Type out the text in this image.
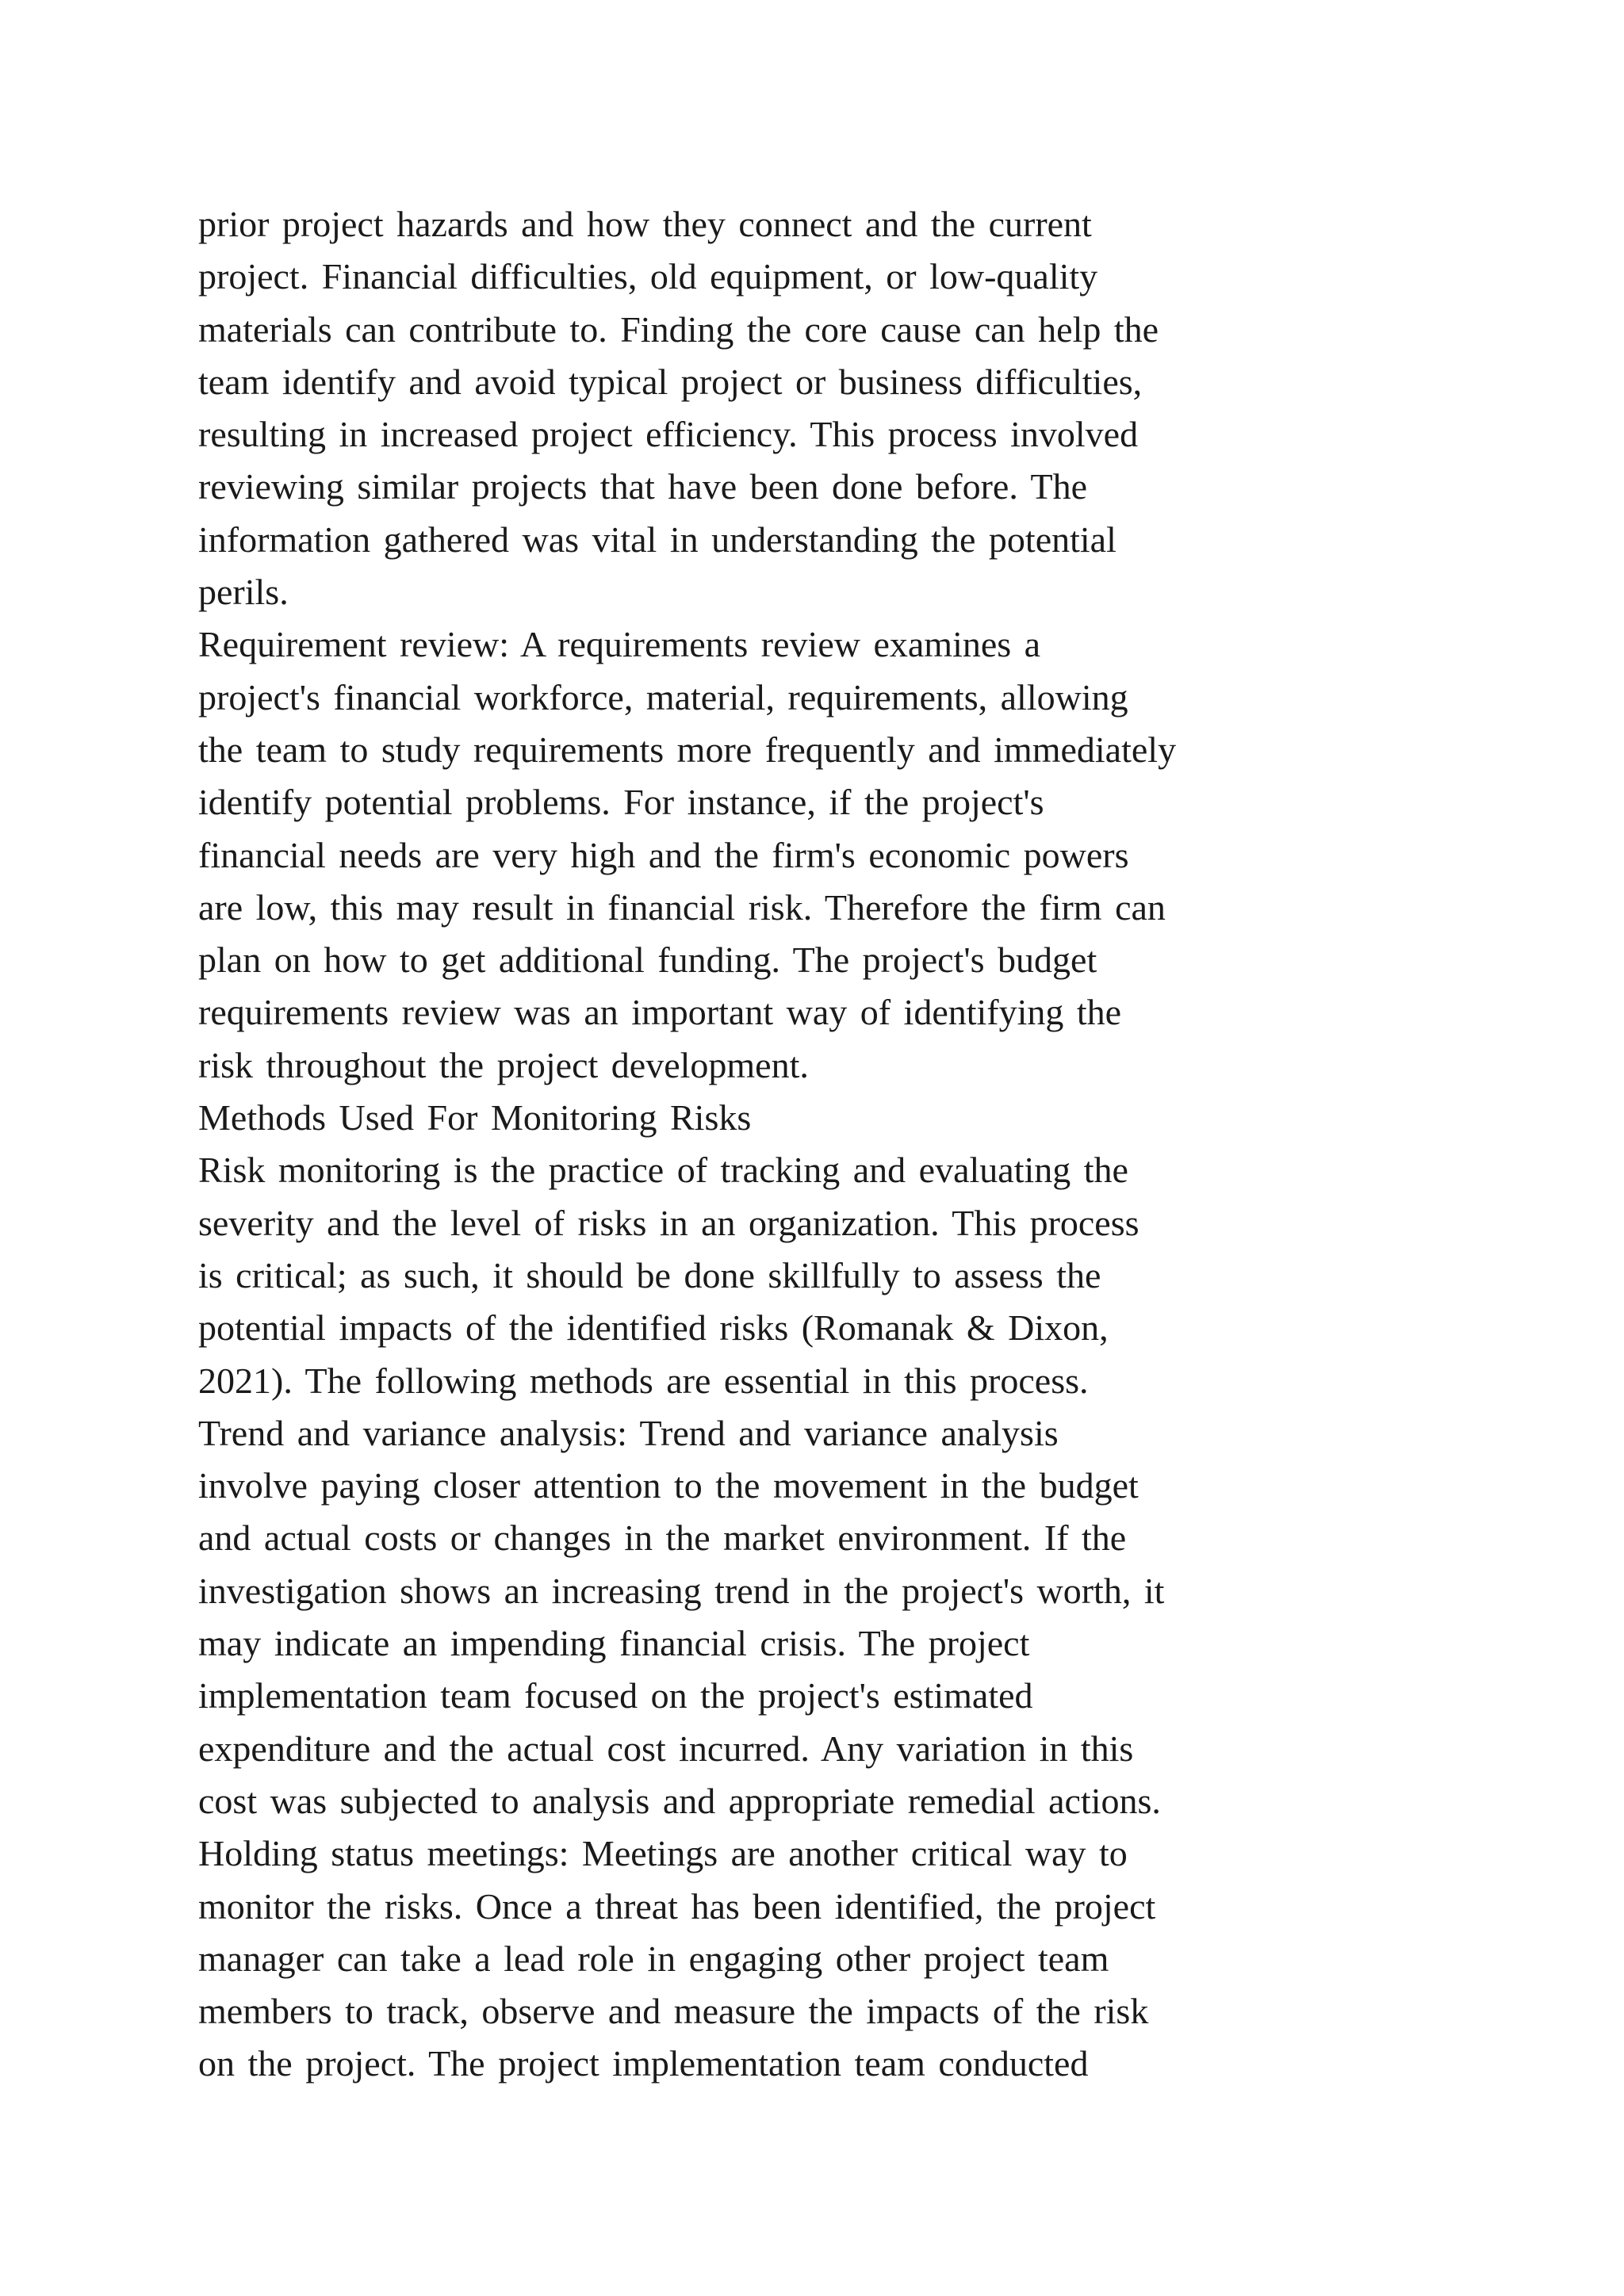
prior project hazards and how they connect and the current
project. Financial difficulties, old equipment, or low-quality
materials can contribute to. Finding the core cause can help the
team identify and avoid typical project or business difficulties,
resulting in increased project efficiency. This process involved
reviewing similar projects that have been done before. The
information gathered was vital in understanding the potential
perils.
Requirement review: A requirements review examines a
project's financial workforce, material, requirements, allowing
the team to study requirements more frequently and immediately
identify potential problems. For instance, if the project's
financial needs are very high and the firm's economic powers
are low, this may result in financial risk. Therefore the firm can
plan on how to get additional funding. The project's budget
requirements review was an important way of identifying the
risk throughout the project development.
Methods Used For Monitoring Risks
Risk monitoring is the practice of tracking and evaluating the
severity and the level of risks in an organization. This process
is critical; as such, it should be done skillfully to assess the
potential impacts of the identified risks (Romanak & Dixon,
2021). The following methods are essential in this process.
Trend and variance analysis: Trend and variance analysis
involve paying closer attention to the movement in the budget
and actual costs or changes in the market environment. If the
investigation shows an increasing trend in the project's worth, it
may indicate an impending financial crisis. The project
implementation team focused on the project's estimated
expenditure and the actual cost incurred. Any variation in this
cost was subjected to analysis and appropriate remedial actions.
Holding status meetings: Meetings are another critical way to
monitor the risks. Once a threat has been identified, the project
manager can take a lead role in engaging other project team
members to track, observe and measure the impacts of the risk
on the project. The project implementation team conducted
